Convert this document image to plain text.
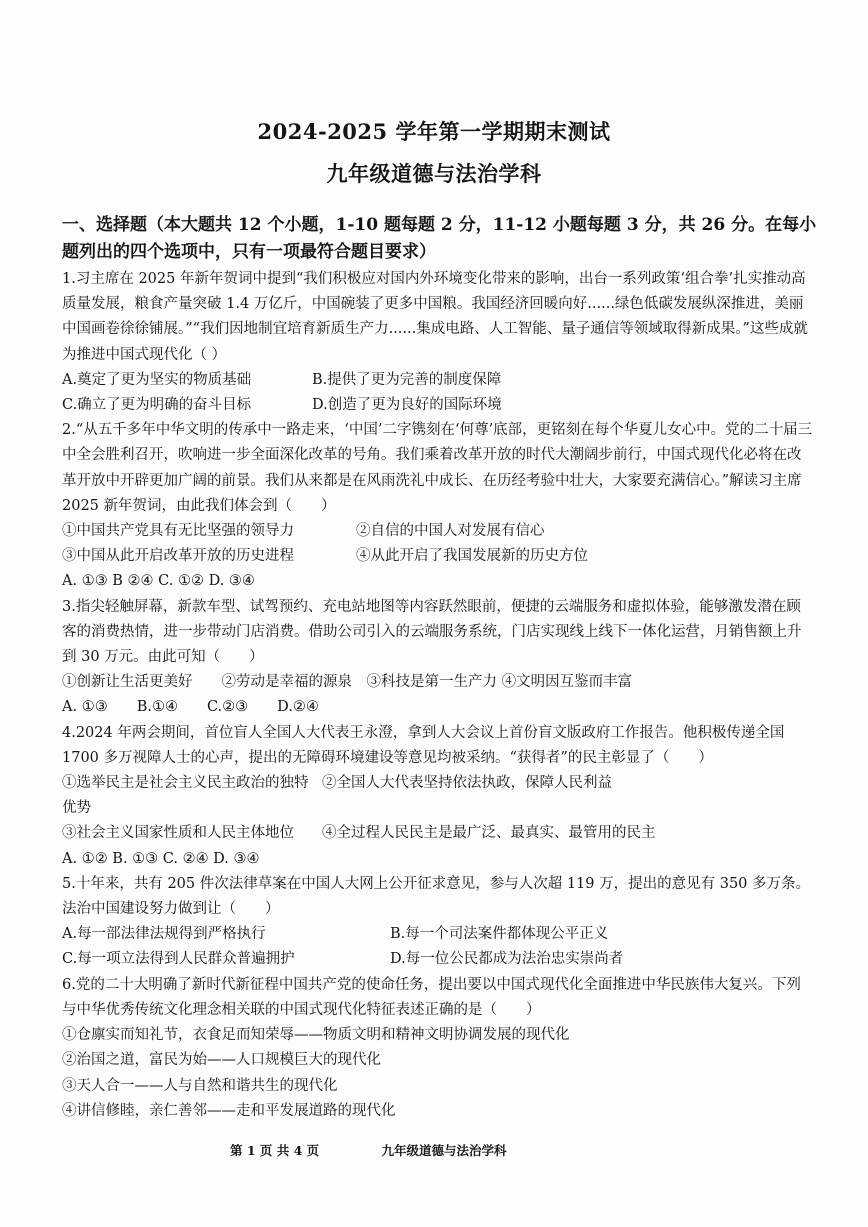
2024-2025 学年第一学期期末测试
九年级道德与法治学科
一、选择题（本大题共 12 个小题，1-10 题每题 2 分，11-12 小题每题 3 分，共 26 分。在每小题列出的四个选项中，只有一项最符合题目要求）

1.习主席在 2025 年新年贺词中提到“我们积极应对国内外环境变化带来的影响，出台一系列政策‘组合拳’扎实推动高质量发展，粮食产量突破 1.4 万亿斤，中国碗装了更多中国粮。我国经济回暖向好......绿色低碳发展纵深推进，美丽中国画卷徐徐铺展。”“我们因地制宜培育新质生产力......集成电路、人工智能、量子通信等领域取得新成果。”这些成就为推进中国式现代化（ ）

A.奠定了更为坚实的物质基础	B.提供了更为完善的制度保障
C.确立了更为明确的奋斗目标	D.创造了更为良好的国际环境

2.“从五千多年中华文明的传承中一路走来，‘中国’二字镌刻在‘何尊’底部，更铭刻在每个华夏儿女心中。党的二十届三中全会胜利召开，吹响进一步全面深化改革的号角。我们乘着改革开放的时代大潮阔步前行，中国式现代化必将在改革开放中开辟更加广阔的前景。我们从来都是在风雨洗礼中成长、在历经考验中壮大，大家要充满信心。”解读习主席 2025 新年贺词，由此我们体会到（　　）

①中国共产党具有无比坚强的领导力	②自信的中国人对发展有信心
③中国从此开启改革开放的历史进程	④从此开启了我国发展新的历史方位

A. ①③ B ②④ C. ①② D. ③④

3.指尖轻触屏幕，新款车型、试驾预约、充电站地图等内容跃然眼前，便捷的云端服务和虚拟体验，能够激发潜在顾客的消费热情，进一步带动门店消费。借助公司引入的云端服务系统，门店实现线上线下一体化运营，月销售额上升到 30 万元。由此可知（　　）

①创新让生活更美好　　②劳动是幸福的源泉　③科技是第一生产力 ④文明因互鉴而丰富

A. ①③　　B.①④　　C.②③　　D.②④

4.2024 年两会期间，首位盲人全国人大代表王永澄，拿到人大会议上首份盲文版政府工作报告。他积极传递全国 1700 多万视障人士的心声，提出的无障碍环境建设等意见均被采纳。“获得者”的民主彰显了（　　）

①选举民主是社会主义民主政治的独特优势
②全国人大代表坚持依法执政，保障人民利益
③社会主义国家性质和人民主体地位	④全过程人民民主是最广泛、最真实、最管用的民主

A. ①② B. ①③ C. ②④ D. ③④

5.十年来，共有 205 件次法律草案在中国人大网上公开征求意见，参与人次超 119 万，提出的意见有 350 多万条。法治中国建设努力做到让（　　）

A.每一部法律法规得到严格执行	B.每一个司法案件都体现公平正义
C.每一项立法得到人民群众普遍拥护	D.每一位公民都成为法治忠实崇尚者

6.党的二十大明确了新时代新征程中国共产党的使命任务，提出要以中国式现代化全面推进中华民族伟大复兴。下列与中华优秀传统文化理念相关联的中国式现代化特征表述正确的是（　　）

①仓廪实而知礼节，衣食足而知荣辱——物质文明和精神文明协调发展的现代化

②治国之道，富民为始——人口规模巨大的现代化

③天人合一——人与自然和谐共生的现代化

④讲信修睦，亲仁善邻——走和平发展道路的现代化

第 1 页 共 4 页	九年级道德与法治学科
